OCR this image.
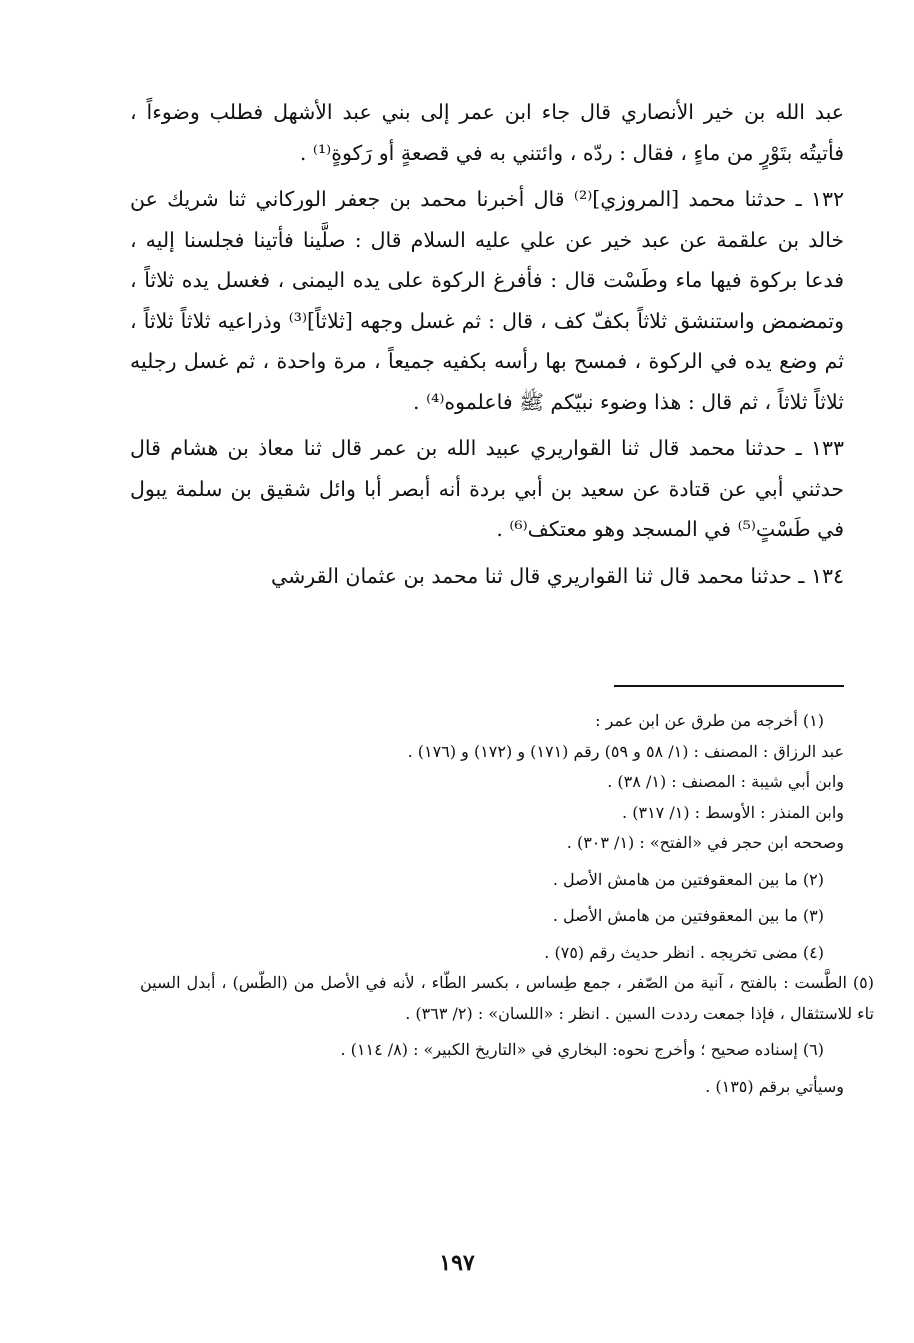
عبد الله بن خير الأنصاري قال جاء ابن عمر إلى بني عبد الأشهل فطلب وضوءاً ، فأتيتُه بتَوْرٍ من ماءٍ ، فقال : ردّه ، وائتني به في قصعةٍ أو رَكوةٍ⁽¹⁾ .

١٣٢ ـ حدثنا محمد [المروزي]⁽²⁾ قال أخبرنا محمد بن جعفر الوركاني ثنا شريك عن خالد بن علقمة عن عبد خير عن علي عليه السلام قال : صلَّينا فأتينا فجلسنا إليه ، فدعا بركوة فيها ماء وطَسْت قال : فأفرغ الركوة على يده اليمنى ، فغسل يده ثلاثاً ، وتمضمض واستنشق ثلاثاً بكفّ كف ، قال : ثم غسل وجهه [ثلاثاً]⁽³⁾ وذراعيه ثلاثاً ثلاثاً ، ثم وضع يده في الركوة ، فمسح بها رأسه بكفيه جميعاً ، مرة واحدة ، ثم غسل رجليه ثلاثاً ثلاثاً ، ثم قال : هذا وضوء نبيّكم ﷺ فاعلموه⁽⁴⁾ .

١٣٣ ـ حدثنا محمد قال ثنا القواريري عبيد الله بن عمر قال ثنا معاذ بن هشام قال حدثني أبي عن قتادة عن سعيد بن أبي بردة أنه أبصر أبا وائل شقيق بن سلمة يبول في طَسْتٍ⁽⁵⁾ في المسجد وهو معتكف⁽⁶⁾ .

١٣٤ ـ حدثنا محمد قال ثنا القواريري قال ثنا محمد بن عثمان القرشي

(١) أخرجه من طرق عن ابن عمر :

عبد الرزاق : المصنف : (١/ ٥٨ و ٥٩) رقم (١٧١) و (١٧٢) و (١٧٦) .

وابن أبي شيبة : المصنف : (١/ ٣٨) .

وابن المنذر : الأوسط : (١/ ٣١٧) .

وصححه ابن حجر في «الفتح» : (١/ ٣٠٣) .

(٢) ما بين المعقوفتين من هامش الأصل .

(٣) ما بين المعقوفتين من هامش الأصل .

(٤) مضى تخريجه . انظر حديث رقم (٧٥) .

(٥) الطَّست : بالفتح ، آنية من الصّفر ، جمع طِساس ، بكسر الطّاء ، لأنه في الأصل من (الطّس) ، أبدل السين تاء للاستثقال ، فإذا جمعت رددت السين . انظر : «اللسان» : (٢/ ٣٦٣) .

(٦) إسناده صحيح ؛ وأخرج نحوه: البخاري في «التاريخ الكبير» : (٨/ ١١٤) .

وسيأتي برقم (١٣٥) .

١٩٧
